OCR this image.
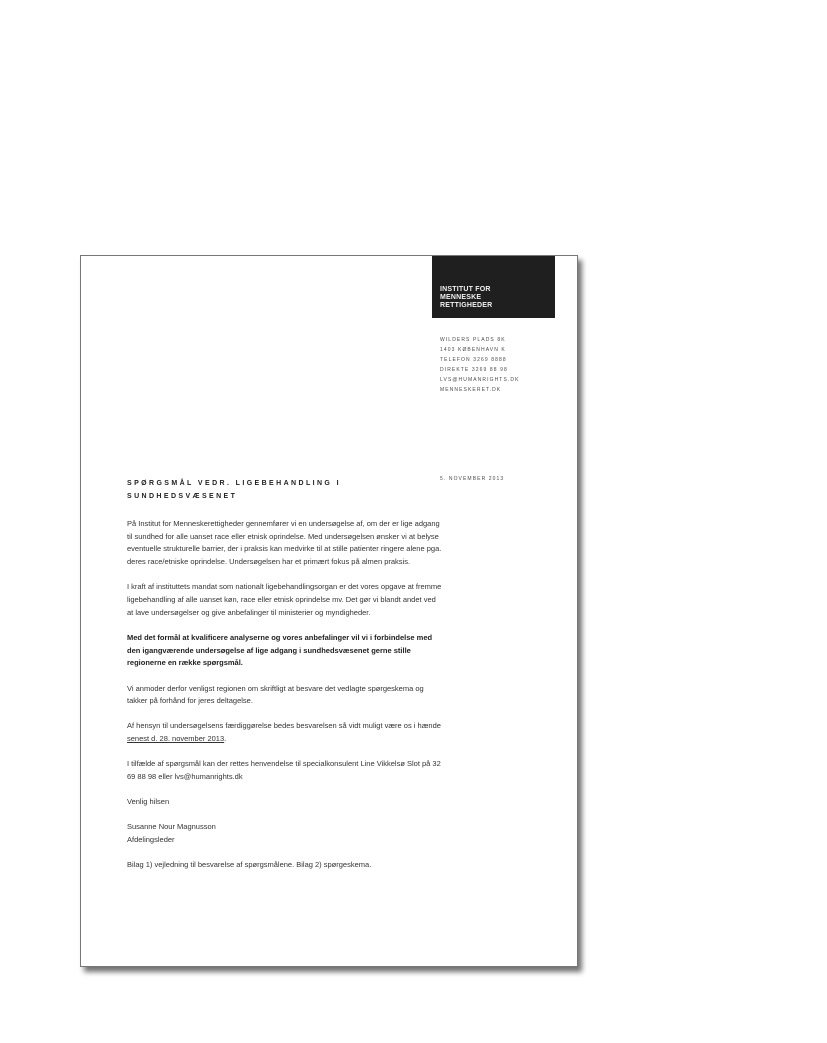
INSTITUT FOR
MENNESKE
RETTIGHEDER
WILDERS PLADS 8K
1403 KØBENHAVN K
TELEFON 3269 8888
DIREKTE 3269 88 98
LVS@HUMANRIGHTS.DK
MENNESKERET.DK
5. NOVEMBER 2013
SPØRGSMÅL VEDR. LIGEBEHANDLING I SUNDHEDSVÆSENET

På Institut for Menneskerettigheder gennemfører vi en undersøgelse af, om der er lige adgang til sundhed for alle uanset race eller etnisk oprindelse. Med undersøgelsen ønsker vi at belyse eventuelle strukturelle barrier, der i praksis kan medvirke til at stille patienter ringere alene pga. deres race/etniske oprindelse. Undersøgelsen har et primært fokus på almen praksis.

I kraft af instituttets mandat som nationalt ligebehandlingsorgan er det vores opgave at fremme ligebehandling af alle uanset køn, race eller etnisk oprindelse mv. Det gør vi blandt andet ved at lave undersøgelser og give anbefalinger til ministerier og myndigheder.

Med det formål at kvalificere analyserne og vores anbefalinger vil vi i forbindelse med den igangværende undersøgelse af lige adgang i sundhedsvæsenet gerne stille regionerne en række spørgsmål.

Vi anmoder derfor venligst regionen om skriftligt at besvare det vedlagte spørgeskema og takker på forhånd for jeres deltagelse.

Af hensyn til undersøgelsens færdiggørelse bedes besvarelsen så vidt muligt være os i hænde senest d. 28. november 2013.

I tilfælde af spørgsmål kan der rettes henvendelse til specialkonsulent Line Vikkelsø Slot på 32 69 88 98 eller lvs@humanrights.dk

Venlig hilsen

Susanne Nour Magnusson
Afdelingsleder

Bilag 1) vejledning til besvarelse af spørgsmålene. Bilag 2) spørgeskema.
